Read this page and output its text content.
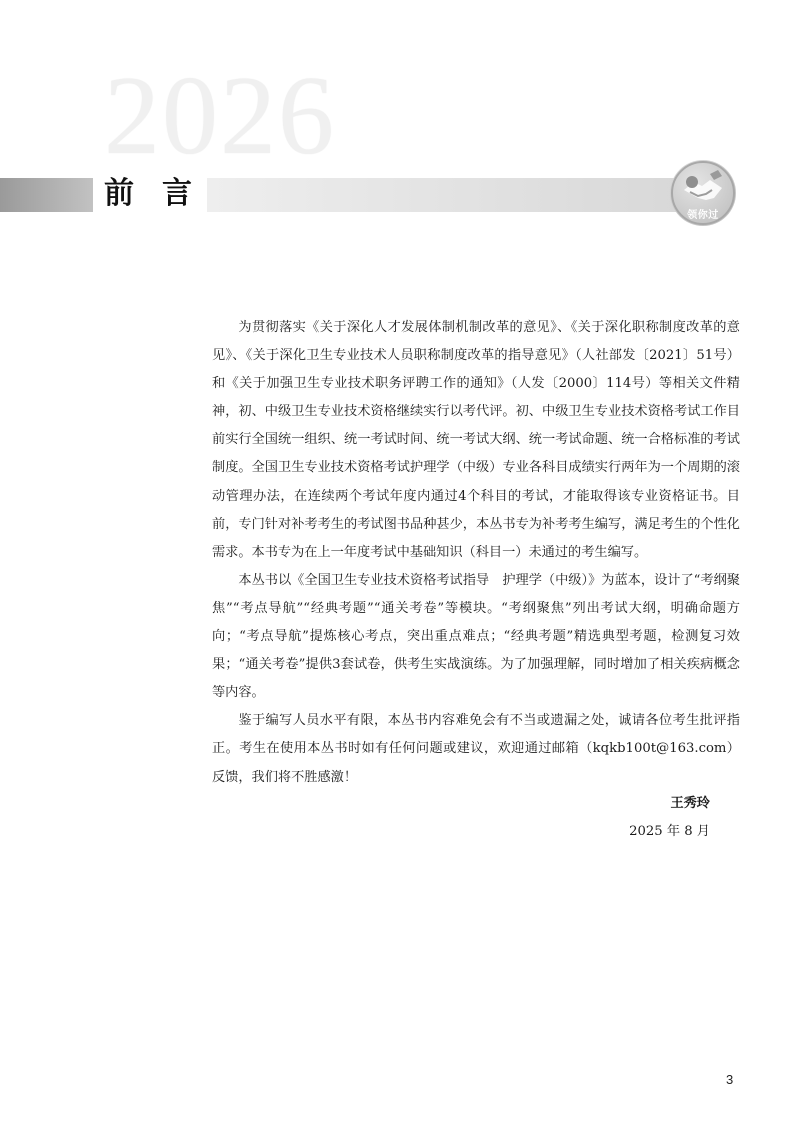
2026
前言
领你过

为贯彻落实《关于深化人才发展体制机制改革的意见》、《关于深化职称制度改革的意见》、《关于深化卫生专业技术人员职称制度改革的指导意见》（人社部发〔2021〕51号）和《关于加强卫生专业技术职务评聘工作的通知》（人发〔2000〕114号）等相关文件精神，初、中级卫生专业技术资格继续实行以考代评。初、中级卫生专业技术资格考试工作目前实行全国统一组织、统一考试时间、统一考试大纲、统一考试命题、统一合格标准的考试制度。全国卫生专业技术资格考试护理学（中级）专业各科目成绩实行两年为一个周期的滚动管理办法，在连续两个考试年度内通过4个科目的考试，才能取得该专业资格证书。目前，专门针对补考考生的考试图书品种甚少，本丛书专为补考考生编写，满足考生的个性化需求。本书专为在上一年度考试中基础知识（科目一）未通过的考生编写。

本丛书以《全国卫生专业技术资格考试指导　护理学（中级）》为蓝本，设计了“考纲聚焦”“考点导航”“经典考题”“通关考卷”等模块。“考纲聚焦”列出考试大纲，明确命题方向；“考点导航”提炼核心考点，突出重点难点；“经典考题”精选典型考题，检测复习效果；“通关考卷”提供3套试卷，供考生实战演练。为了加强理解，同时增加了相关疾病概念等内容。

鉴于编写人员水平有限，本丛书内容难免会有不当或遗漏之处，诚请各位考生批评指正。考生在使用本丛书时如有任何问题或建议，欢迎通过邮箱（kqkb100t@163.com）反馈，我们将不胜感激！

王秀玲
2025 年 8 月
3
